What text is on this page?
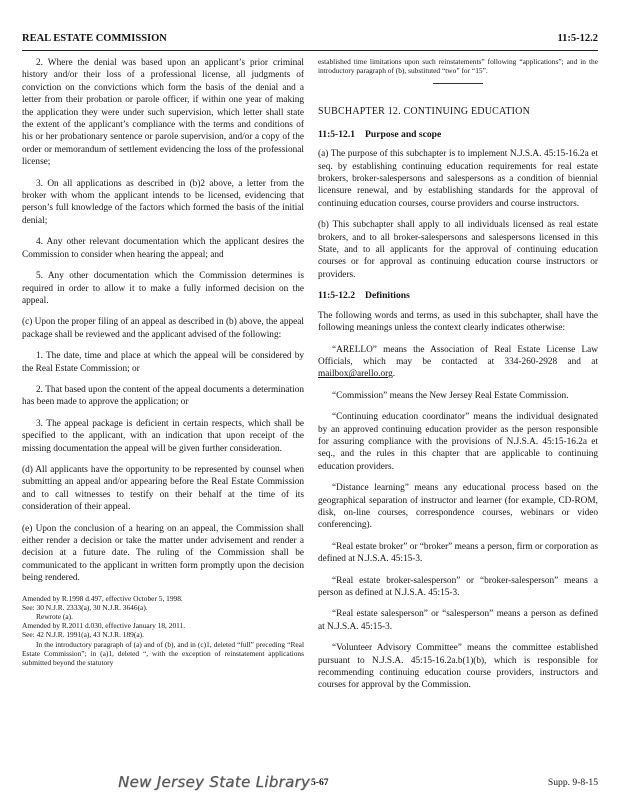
REAL ESTATE COMMISSION	11:5-12.2

2. Where the denial was based upon an applicant’s prior criminal history and/or their loss of a professional license, all judgments of conviction on the convictions which form the basis of the denial and a letter from their probation or parole officer, if within one year of making the application they were under such supervision, which letter shall state the extent of the applicant’s compliance with the terms and conditions of his or her probationary sentence or parole supervision, and/or a copy of the order or memorandum of settlement evidencing the loss of the professional license;

3. On all applications as described in (b)2 above, a letter from the broker with whom the applicant intends to be licensed, evidencing that person’s full knowledge of the factors which formed the basis of the initial denial;

4. Any other relevant documentation which the applicant desires the Commission to consider when hearing the appeal; and

5. Any other documentation which the Commission determines is required in order to allow it to make a fully informed decision on the appeal.

(c) Upon the proper filing of an appeal as described in (b) above, the appeal package shall be reviewed and the applicant advised of the following:

1. The date, time and place at which the appeal will be considered by the Real Estate Commission; or

2. That based upon the content of the appeal documents a determination has been made to approve the application; or

3. The appeal package is deficient in certain respects, which shall be specified to the applicant, with an indication that upon receipt of the missing documentation the appeal will be given further consideration.

(d) All applicants have the opportunity to be represented by counsel when submitting an appeal and/or appearing before the Real Estate Commission and to call witnesses to testify on their behalf at the time of its consideration of their appeal.

(e) Upon the conclusion of a hearing on an appeal, the Commission shall either render a decision or take the matter under advisement and render a decision at a future date. The ruling of the Commission shall be communicated to the applicant in written form promptly upon the decision being rendered.

Amended by R.1998 d.497, effective October 5, 1998.

See: 30 N.J.R. 2333(a), 30 N.J.R. 3646(a).

Rewrote (a).

Amended by R.2011 d.030, effective January 18, 2011.

See: 42 N.J.R. 1991(a), 43 N.J.R. 189(a).

In the introductory paragraph of (a) and of (b), and in (c)1, deleted “full” preceding “Real Estate Commission”; in (a)1, deleted “, with the exception of reinstatement applications submitted beyond the statutory

established time limitations upon such reinstatements” following “applications”; and in the introductory paragraph of (b), substituted “two” for “15”.

SUBCHAPTER 12. CONTINUING EDUCATION

11:5-12.1 Purpose and scope

(a) The purpose of this subchapter is to implement N.J.S.A. 45:15-16.2a et seq. by establishing continuing education requirements for real estate brokers, broker-salespersons and salespersons as a condition of biennial licensure renewal, and by establishing standards for the approval of continuing education courses, course providers and course instructors.

(b) This subchapter shall apply to all individuals licensed as real estate brokers, and to all broker-salespersons and salespersons licensed in this State, and to all applicants for the approval of continuing education courses or for approval as continuing education course instructors or providers.

11:5-12.2 Definitions

The following words and terms, as used in this subchapter, shall have the following meanings unless the context clearly indicates otherwise:

“ARELLO” means the Association of Real Estate License Law Officials, which may be contacted at 334-260-2928 and at mailbox@arello.org.

“Commission” means the New Jersey Real Estate Commission.

“Continuing education coordinator” means the individual designated by an approved continuing education provider as the person responsible for assuring compliance with the provisions of N.J.S.A. 45:15-16.2a et seq., and the rules in this chapter that are applicable to continuing education providers.

“Distance learning” means any educational process based on the geographical separation of instructor and learner (for example, CD-ROM, disk, on-line courses, correspondence courses, webinars or video conferencing).

“Real estate broker” or “broker” means a person, firm or corporation as defined at N.J.S.A. 45:15-3.

“Real estate broker-salesperson” or “broker-salesperson” means a person as defined at N.J.S.A. 45:15-3.

“Real estate salesperson” or “salesperson” means a person as defined at N.J.S.A. 45:15-3.

“Volunteer Advisory Committee” means the committee established pursuant to N.J.S.A. 45:15-16.2a.b(1)(b), which is responsible for recommending continuing education course providers, instructors and courses for approval by the Commission.

New Jersey State Library 5-67	Supp. 9-8-15
